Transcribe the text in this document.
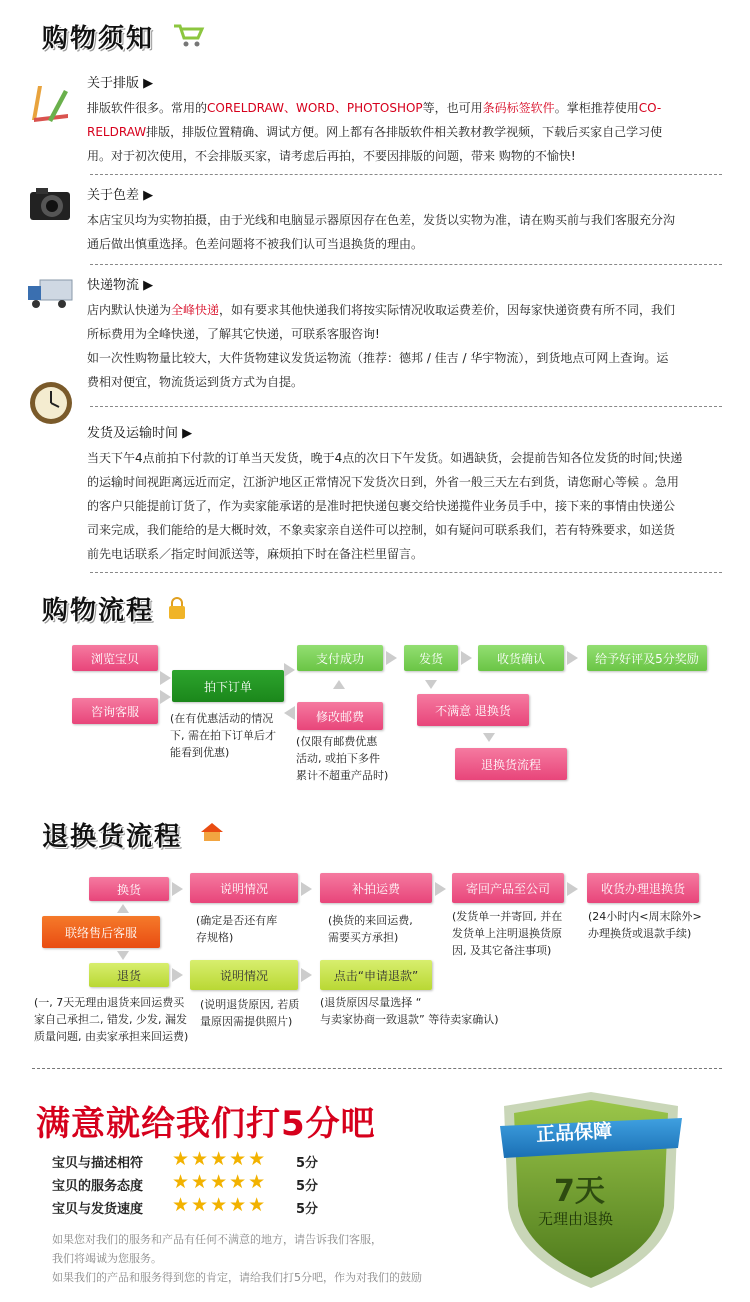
购物须知
关于排版 ▶
排版软件很多。常用的CORELDRAW、WORD、PHOTOSHOP等，也可用条码标签软件。掌柜推荐使用CO-
RELDRAW排版，排版位置精确、调试方便。网上都有各排版软件相关教材教学视频，下载后买家自己学习使
用。对于初次使用，不会排版买家，请考虑后再拍，不要因排版的问题，带来 购物的不愉快!
关于色差 ▶
本店宝贝均为实物拍摄，由于光线和电脑显示器原因存在色差，发货以实物为准，请在购买前与我们客服充分沟
通后做出慎重选择。色差问题将不被我们认可当退换货的理由。
快递物流 ▶
店内默认快递为全峰快递，如有要求其他快递我们将按实际情况收取运费差价，因每家快递资费有所不同，我们
所标费用为全峰快递，了解其它快递，可联系客服咨询!
如一次性购物量比较大，大件货物建议发货运物流（推荐：德邦 / 佳吉 / 华宇物流），到货地点可网上查询。运
费相对便宜，物流货运到货方式为自提。
发货及运输时间 ▶
当天下午4点前拍下付款的订单当天发货，晚于4点的次日下午发货。如遇缺货，会提前告知各位发货的时间;快递
的运输时间视距离远近而定，江浙沪地区正常情况下发货次日到，外省一般三天左右到货，请您耐心等候 。急用
的客户只能提前订货了，作为卖家能承诺的是准时把快递包裹交给快递揽件业务员手中，接下来的事情由快递公
司来完成，我们能给的是大概时效，不象卖家亲自送件可以控制，如有疑问可联系我们，若有特殊要求，如送货
前先电话联系／指定时间派送等，麻烦拍下时在备注栏里留言。
购物流程
浏览宝贝
咨询客服
拍下订单
支付成功	发货	收货确认	给予好评及5分奖励
修改邮费	不满意 退换货
退换货流程
(在有优惠活动的情况
下, 需在拍下订单后才
能看到优惠)
(仅限有邮费优惠
活动, 或拍下多件
累计不超重产品时)
退换货流程
换货	说明情况	补拍运费	寄回产品至公司	收货办理退换货
联络售后客服
退货	说明情况	点击“申请退款”
(确定是否还有库
存规格)
(换货的来回运费,
需要买方承担)
(发货单一并寄回, 并在
发货单上注明退换货原
因, 及其它备注事项)
(24小时内<周末除外>
办理换货或退款手续)
(一, 7天无理由退货来回运费买
家自己承担二, 错发, 少发, 漏发
质量问题, 由卖家承担来回运费)
(说明退货原因, 若质
量原因需提供照片)
(退货原因尽量选择 “
与卖家协商一致退款” 等待卖家确认)
满意就给我们打5分吧
宝贝与描述相符 ★★★★★ 5分
宝贝的服务态度 ★★★★★ 5分
宝贝与发货速度 ★★★★★ 5分
如果您对我们的服务和产品有任何不满意的地方，请告诉我们客服，
我们将竭诚为您服务。
如果我们的产品和服务得到您的肯定，请给我们打5分吧，作为对我们的鼓励
正品保障
7天
无理由退换
